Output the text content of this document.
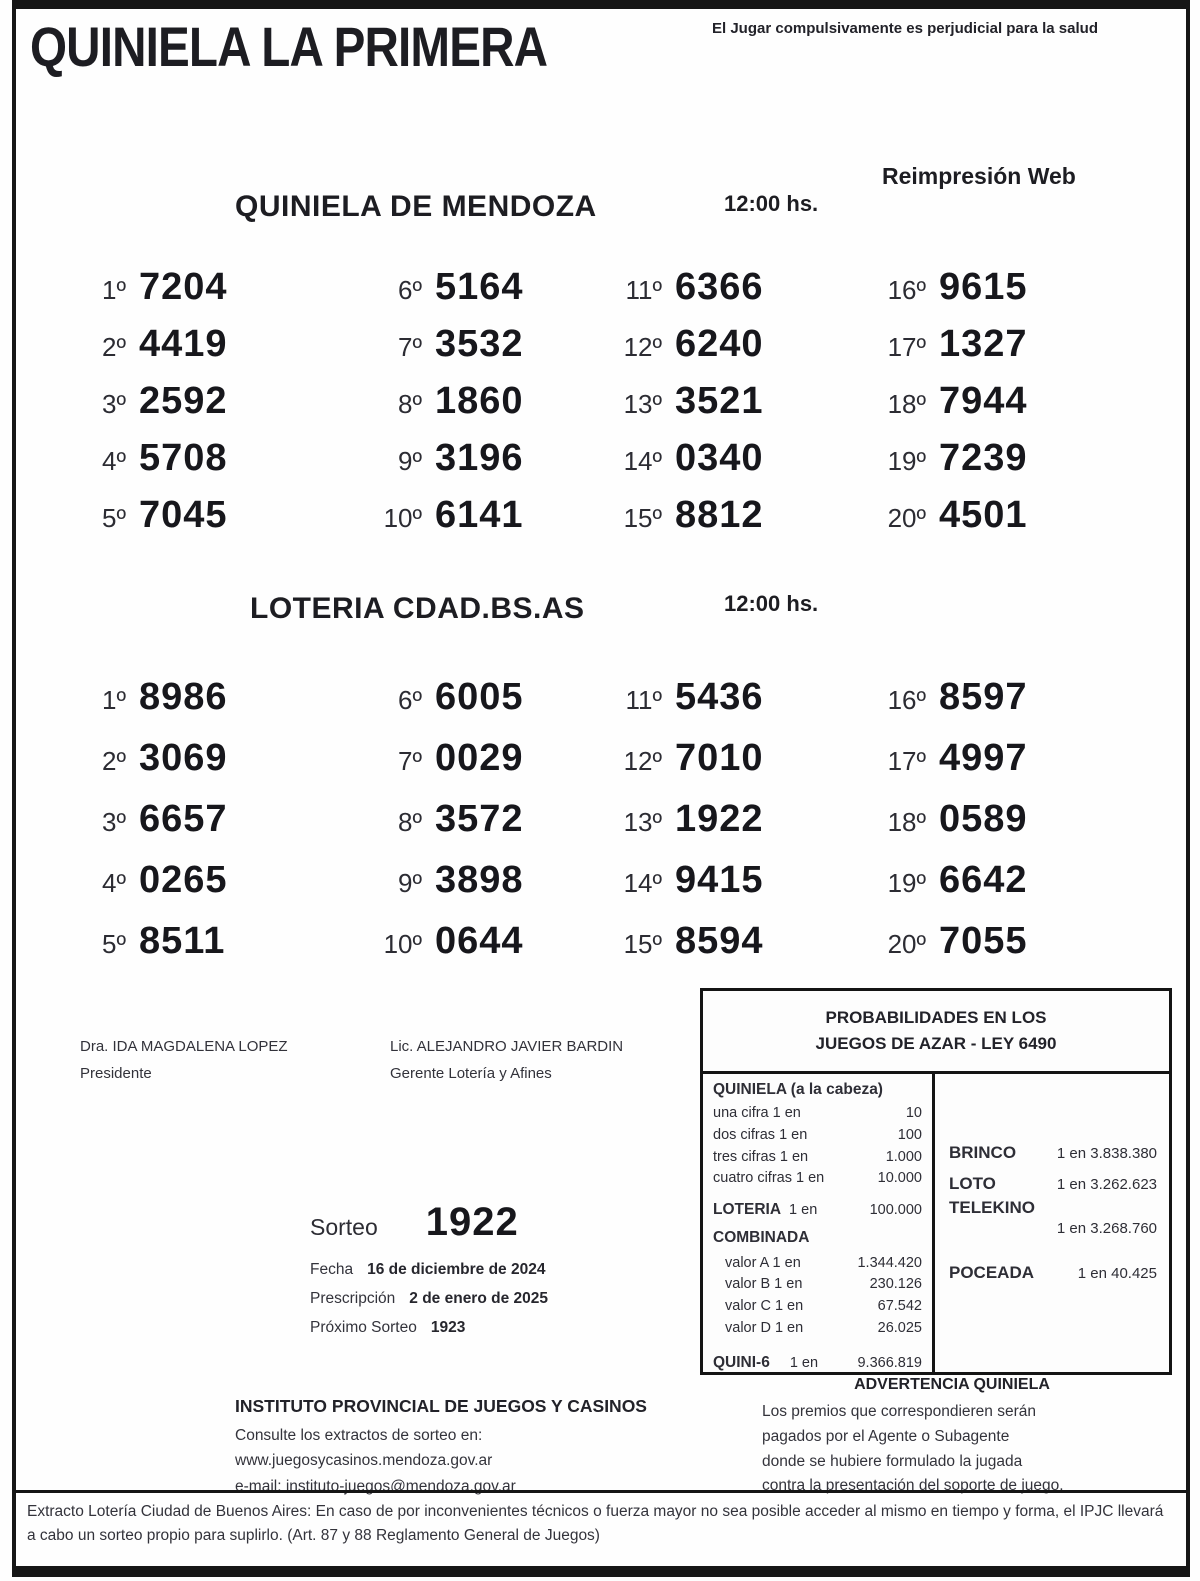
QUINIELA LA PRIMERA	El Jugar compulsivamente es perjudicial para la salud
QUINIELA DE MENDOZA	12:00 hs.
Reimpresión Web
1º 7204
2º 4419
3º 2592
4º 5708
5º 7045
6º 5164
7º 3532
8º 1860
9º 3196
10º 6141
11º 6366
12º 6240
13º 3521
14º 0340
15º 8812
16º 9615
17º 1327
18º 7944
19º 7239
20º 4501
LOTERIA CDAD.BS.AS	12:00 hs.
1º 8986
2º 3069
3º 6657
4º 0265
5º 8511
6º 6005
7º 0029
8º 3572
9º 3898
10º 0644
11º 5436
12º 7010
13º 1922
14º 9415
15º 8594
16º 8597
17º 4997
18º 0589
19º 6642
20º 7055
Dra. IDA MAGDALENA LOPEZ
Presidente
Lic. ALEJANDRO JAVIER BARDIN
Gerente Lotería y Afines
PROBABILIDADES EN LOS
JUEGOS DE AZAR - LEY 6490
QUINIELA (a la cabeza)
una cifra 1 en	10
dos cifras 1 en	100
tres cifras 1 en	1.000
cuatro cifras 1 en	10.000
LOTERIA 1 en	100.000
COMBINADA
valor A 1 en	1.344.420
valor B 1 en	230.126
valor C 1 en	67.542
valor D 1 en	26.025
QUINI-6 1 en	9.366.819
BRINCO	1 en 3.838.380
LOTO	1 en 3.262.623
TELEKINO
1 en 3.268.760
POCEADA	1 en 40.425
Sorteo 1922
Fecha 16 de diciembre de 2024
Prescripción 2 de enero de 2025
Próximo Sorteo 1923
INSTITUTO PROVINCIAL DE JUEGOS Y CASINOS
Consulte los extractos de sorteo en:
www.juegosycasinos.mendoza.gov.ar
e-mail: instituto-juegos@mendoza.gov.ar
ADVERTENCIA QUINIELA
Los premios que correspondieren serán
pagados por el Agente o Subagente
donde se hubiere formulado la jugada
contra la presentación del soporte de juego.
Extracto Lotería Ciudad de Buenos Aires: En caso de por inconvenientes técnicos o fuerza mayor no sea posible acceder al mismo en tiempo y forma, el IPJC llevará a cabo un sorteo propio para suplirlo. (Art. 87 y 88 Reglamento General de Juegos)
